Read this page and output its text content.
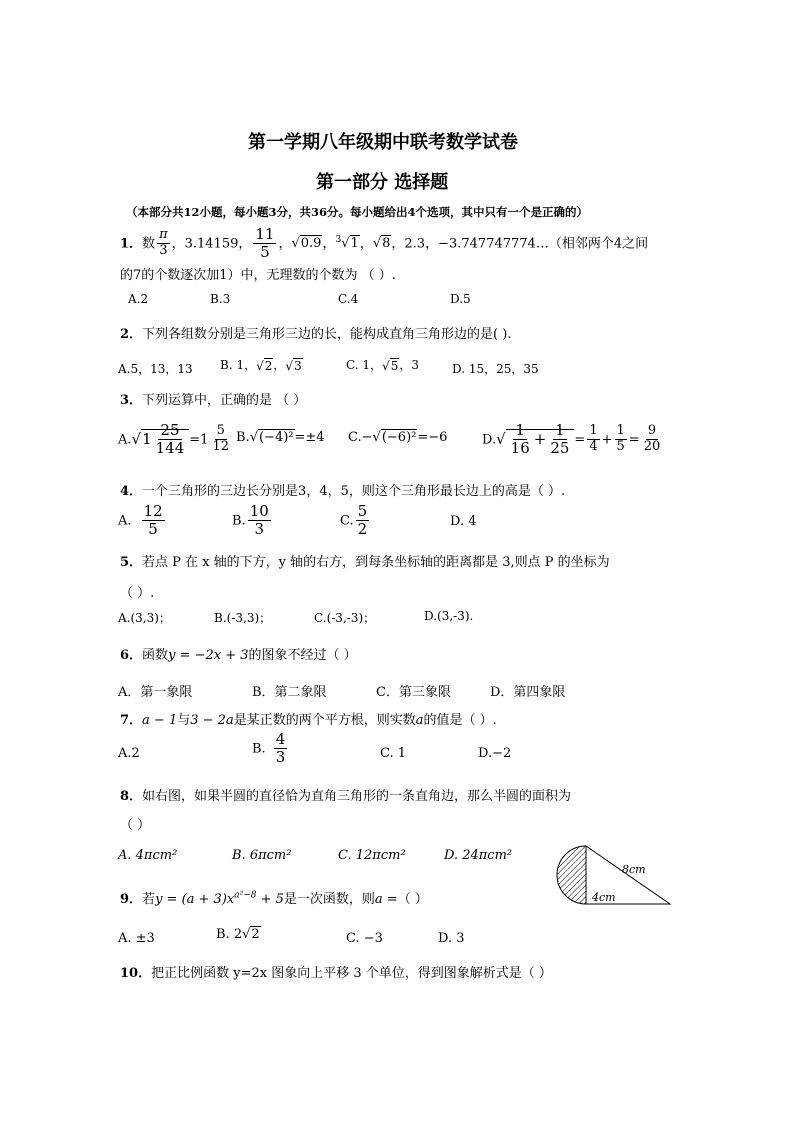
第一学期八年级期中联考数学试卷
第一部分 选择题
（本部分共12小题，每小题3分，共36分。每小题给出4个选项，其中只有一个是正确的）
1．数 $\frac{\pi}{3}$ ，3.14159， $\frac{11}{5}$ ，√0.9，$^3$√1，√8，2.3，−3.747747774…（相邻两个4之间
的7的个数逐次加1）中，无理数的个数为 （ ）.
A.2	B.3	C.4	D.5
2．下列各组数分别是三角形三边的长，能构成直角三角形边的是( ).
A.5，13，13 B. 1，√2，√3	C. 1，√5，3	D. 15，25，35
3．下列运算中，正确的是 （ ）
$A.√1 \frac{25}{144} =1 \frac{5}{12} B.√(-4)^2=\pm 4$ C.−√(−6)²=−6	$D.√ \frac{1}{16} + \frac{1}{25} = \frac{1}{4} + \frac{1}{5} = \frac{9}{20}$
4．一个三角形的三边长分别是3，4，5，则这个三角形最长边上的高是（ ）.
A. $\frac{12}{5}$	B. $\frac{10}{3}$	C. $\frac{5}{2}$	D. 4
5．若点 P 在 x 轴的下方，y 轴的右方，到每条坐标轴的距离都是 3,则点 P 的坐标为
（ ）.
A.(3,3)；	B.(-3,3)；	C.(-3,-3)；	D.(3,-3).
6．函数y = −2x + 3的图象不经过（ ）
A．第一象限	B．第二象限	C．第三象限	D．第四象限
7．a − 1与3 − 2a是某正数的两个平方根，则实数a的值是（ ）.
A.2	B. $\frac{4}{3}$	C. 1	D.−2
8．如右图，如果半圆的直径恰为直角三角形的一条直角边，那么半圆的面积为
（ ）
A. 4πcm²	B. 6πcm²	C. 12πcm²	D. 24πcm²
8cm
4cm
9．若$y = (a + 3)x^{a^2-8} + 5$是一次函数，则a =（ ）
A. ±3	B. 2√2	C. −3	D. 3
10．把正比例函数 y=2x 图象向上平移 3 个单位，得到图象解析式是（ ）
